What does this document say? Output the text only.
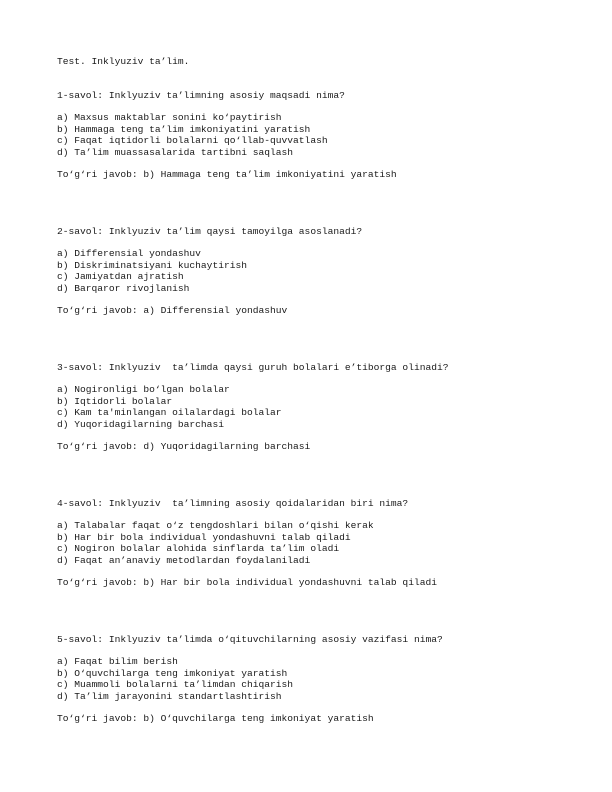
Test. Inklyuziv ta’lim.
1-savol: Inklyuziv ta’limning asosiy maqsadi nima?
a) Maxsus maktablar sonini ko‘paytirish
b) Hammaga teng ta’lim imkoniyatini yaratish
c) Faqat iqtidorli bolalarni qo‘llab-quvvatlash
d) Ta’lim muassasalarida tartibni saqlash
To‘g‘ri javob: b) Hammaga teng ta’lim imkoniyatini yaratish
2-savol: Inklyuziv ta’lim qaysi tamoyilga asoslanadi?
a) Differensial yondashuv
b) Diskriminatsiyani kuchaytirish
c) Jamiyatdan ajratish
d) Barqaror rivojlanish
To‘g‘ri javob: a) Differensial yondashuv
3-savol: Inklyuziv  ta’limda qaysi guruh bolalari e’tiborga olinadi?
a) Nogironligi bo‘lgan bolalar
b) Iqtidorli bolalar
c) Kam ta'minlangan oilalardagi bolalar
d) Yuqoridagilarning barchasi
To‘g‘ri javob: d) Yuqoridagilarning barchasi
4-savol: Inklyuziv  ta’limning asosiy qoidalaridan biri nima?
a) Talabalar faqat o‘z tengdoshlari bilan o‘qishi kerak
b) Har bir bola individual yondashuvni talab qiladi
c) Nogiron bolalar alohida sinflarda ta’lim oladi
d) Faqat an’anaviy metodlardan foydalaniladi
To‘g‘ri javob: b) Har bir bola individual yondashuvni talab qiladi
5-savol: Inklyuziv ta’limda o‘qituvchilarning asosiy vazifasi nima?
a) Faqat bilim berish
b) O‘quvchilarga teng imkoniyat yaratish
c) Muammoli bolalarni ta’limdan chiqarish
d) Ta’lim jarayonini standartlashtirish
To‘g‘ri javob: b) O‘quvchilarga teng imkoniyat yaratish
